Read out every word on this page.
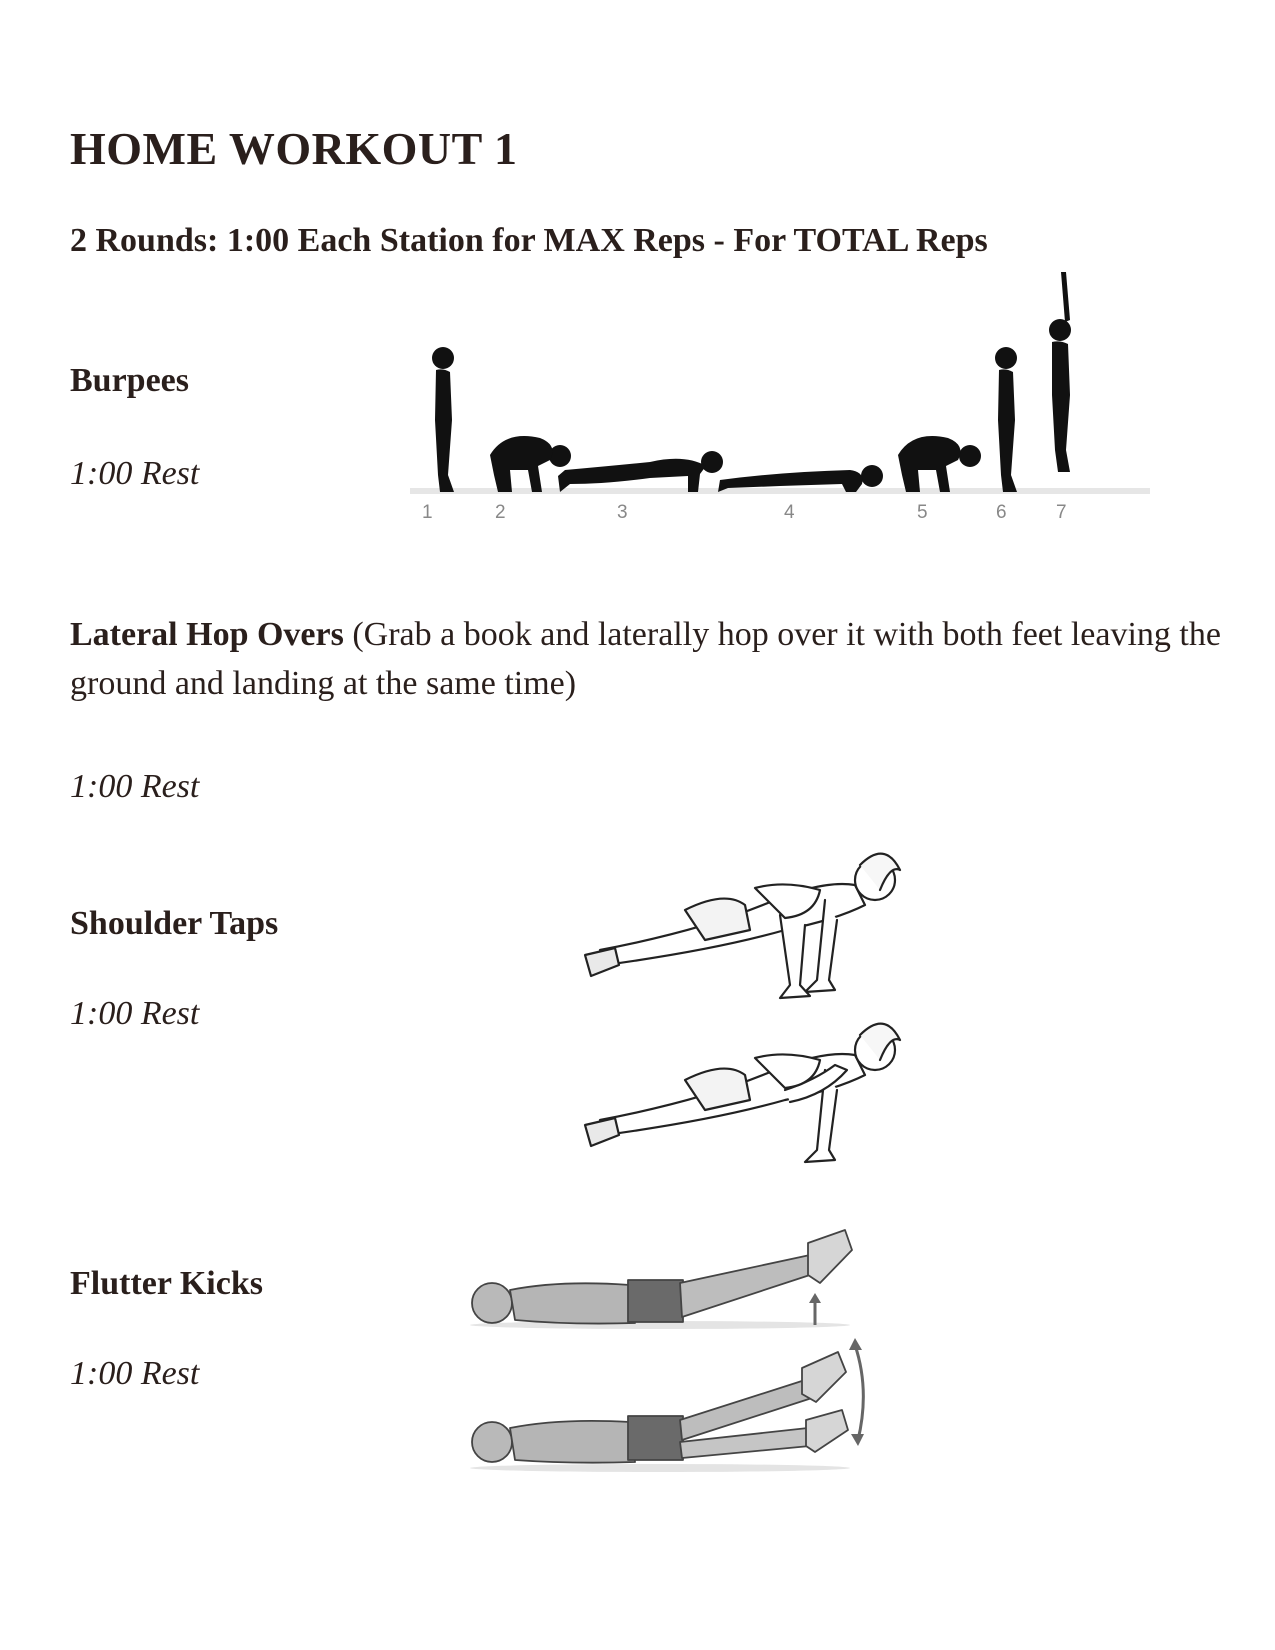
HOME WORKOUT 1
2 Rounds: 1:00 Each Station for MAX Reps - For TOTAL Reps
Burpees
1:00 Rest
1	2	3	4	5	6	7
Lateral Hop Overs (Grab a book and laterally hop over it with both feet leaving the ground and landing at the same time)
1:00 Rest
Shoulder Taps
1:00 Rest
Flutter Kicks
1:00 Rest
